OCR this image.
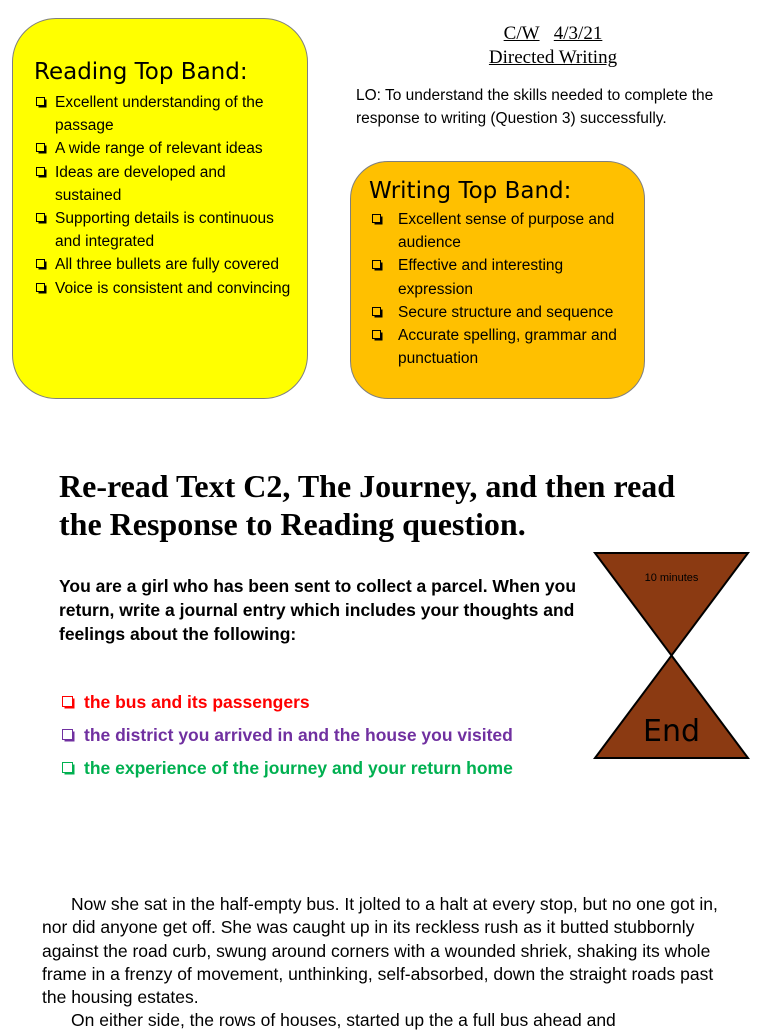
C/W 4/3/21
Directed Writing
LO: To understand the skills needed to complete the response to writing (Question 3) successfully.
Reading Top Band:
Excellent understanding of the passage
A wide range of relevant ideas
Ideas are developed and sustained
Supporting details is continuous and integrated
All three bullets are fully covered
Voice is consistent and convincing
Writing Top Band:
Excellent sense of purpose and audience
Effective and interesting expression
Secure structure and sequence
Accurate spelling, grammar and punctuation
Re-read Text C2, The Journey, and then read the Response to Reading question.
You are a girl who has been sent to collect a parcel. When you return, write a journal entry which includes your thoughts and feelings about the following:
the bus and its passengers
the district you arrived in and the house you visited
the experience of the journey and your return home
10 minutes
End

Now she sat in the half-empty bus. It jolted to a halt at every stop, but no one got in, nor did anyone get off. She was caught up in its reckless rush as it butted stubbornly against the road curb, swung around corners with a wounded shriek, shaking its whole frame in a frenzy of movement, unthinking, self-absorbed, down the straight roads past the housing estates.

On either side, the rows of houses, started up the a full bus ahead and
